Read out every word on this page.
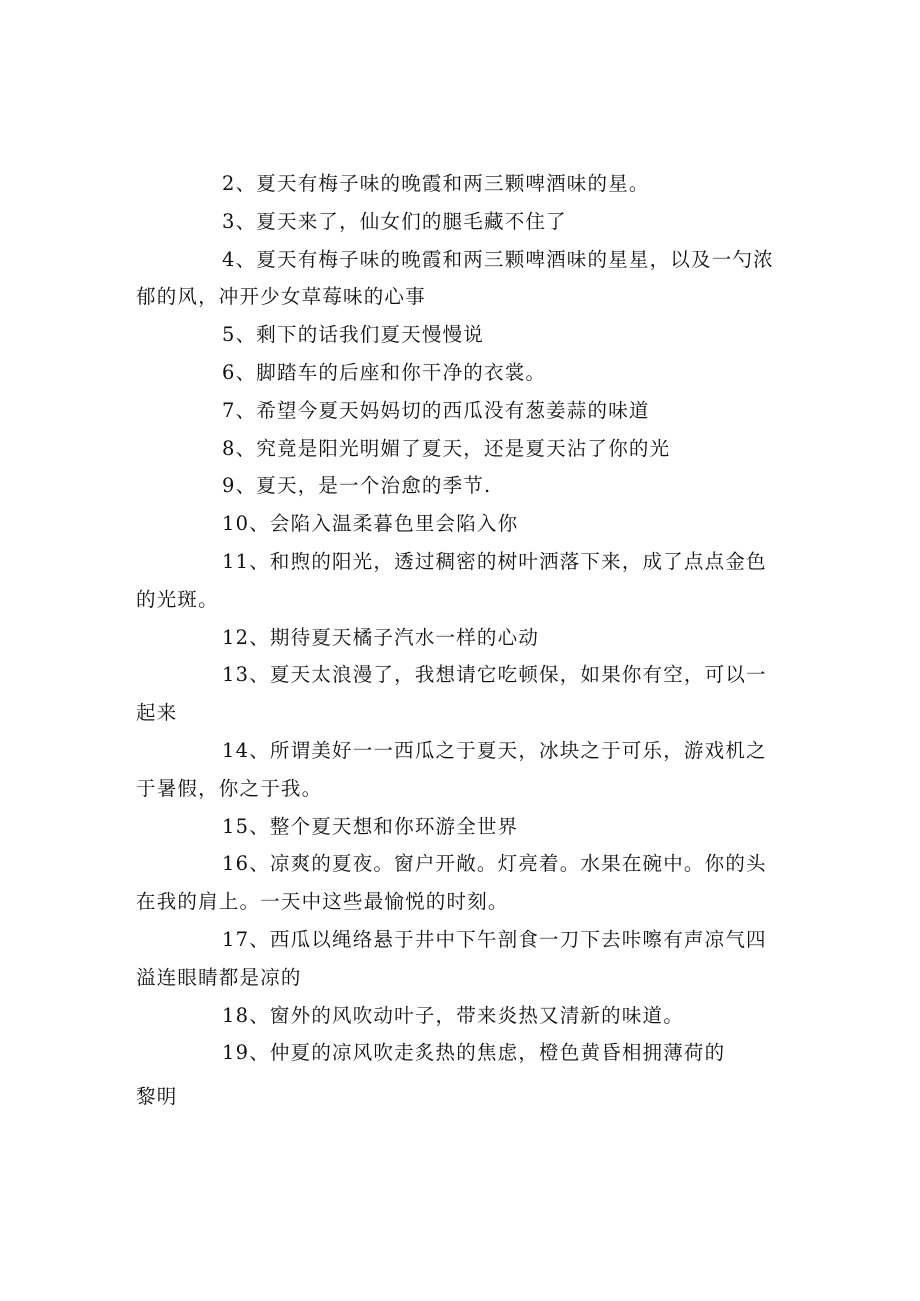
2、夏天有梅子味的晚霞和两三颗啤酒味的星。

3、夏天来了，仙女们的腿毛藏不住了

4、夏天有梅子味的晚霞和两三颗啤酒味的星星，以及一勺浓郁的风，冲开少女草莓味的心事

5、剩下的话我们夏天慢慢说

6、脚踏车的后座和你干净的衣裳。

7、希望今夏天妈妈切的西瓜没有葱姜蒜的味道

8、究竟是阳光明媚了夏天，还是夏天沾了你的光

9、夏天，是一个治愈的季节.

10、会陷入温柔暮色里会陷入你

11、和煦的阳光，透过稠密的树叶洒落下来，成了点点金色的光斑。

12、期待夏天橘子汽水一样的心动

13、夏天太浪漫了，我想请它吃顿保，如果你有空，可以一起来

14、所谓美好一一西瓜之于夏天，冰块之于可乐，游戏机之于暑假，你之于我。

15、整个夏天想和你环游全世界

16、凉爽的夏夜。窗户开敞。灯亮着。水果在碗中。你的头在我的肩上。一天中这些最愉悦的时刻。

17、西瓜以绳络悬于井中下午剖食一刀下去咔嚓有声凉气四溢连眼睛都是凉的

18、窗外的风吹动叶子，带来炎热又清新的味道。

19、仲夏的凉风吹走炙热的焦虑，橙色黄昏相拥薄荷的

黎明
